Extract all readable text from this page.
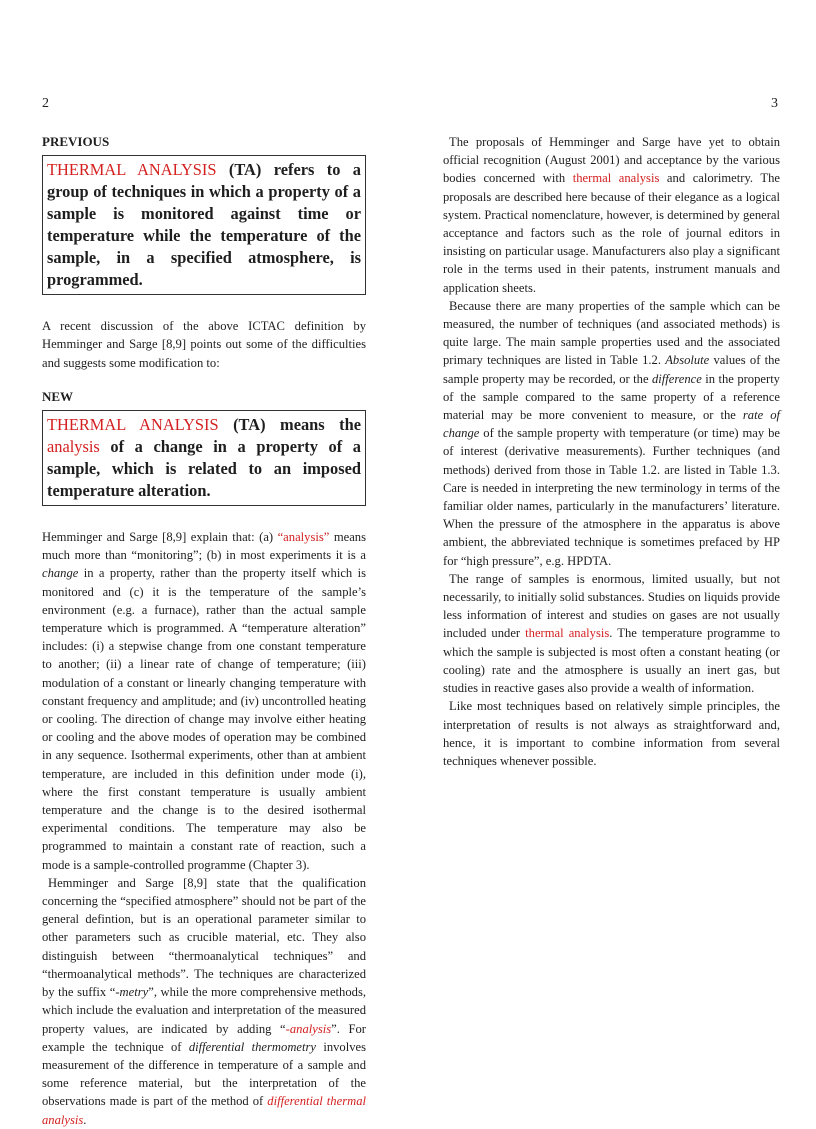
2	3

PREVIOUS

THERMAL ANALYSIS (TA) refers to a group of techniques in which a property of a sample is monitored against time or temperature while the temperature of the sample, in a specified atmosphere, is programmed.

A recent discussion of the above ICTAC definition by Hemminger and Sarge [8,9] points out some of the difficulties and suggests some modification to:

NEW

THERMAL ANALYSIS (TA) means the analysis of a change in a property of a sample, which is related to an imposed temperature alteration.

Hemminger and Sarge [8,9] explain that: (a) “analysis” means much more than “monitoring”; (b) in most experiments it is a change in a property, rather than the property itself which is monitored and (c) it is the temperature of the sample’s environment (e.g. a furnace), rather than the actual sample temperature which is programmed. A “temperature alteration” includes: (i) a stepwise change from one constant temperature to another; (ii) a linear rate of change of temperature; (iii) modulation of a constant or linearly changing temperature with constant frequency and amplitude; and (iv) uncontrolled heating or cooling. The direction of change may involve either heating or cooling and the above modes of operation may be combined in any sequence. Isothermal experiments, other than at ambient temperature, are included in this definition under mode (i), where the first constant temperature is usually ambient temperature and the change is to the desired isothermal experimental conditions. The temperature may also be programmed to maintain a constant rate of reaction, such a mode is a sample-controlled programme (Chapter 3).

Hemminger and Sarge [8,9] state that the qualification concerning the “specified atmosphere” should not be part of the general defintion, but is an operational parameter similar to other parameters such as crucible material, etc. They also distinguish between “thermoanalytical techniques” and “thermoanalytical methods”. The techniques are characterized by the suffix “-metry”, while the more comprehensive methods, which include the evaluation and interpretation of the measured property values, are indicated by adding “-analysis”. For example the technique of differential thermometry involves measurement of the difference in temperature of a sample and some reference material, but the interpretation of the observations made is part of the method of differential thermal analysis.

The proposals of Hemminger and Sarge have yet to obtain official recognition (August 2001) and acceptance by the various bodies concerned with thermal analysis and calorimetry. The proposals are described here because of their elegance as a logical system. Practical nomenclature, however, is determined by general acceptance and factors such as the role of journal editors in insisting on particular usage. Manufacturers also play a significant role in the terms used in their patents, instrument manuals and application sheets.

Because there are many properties of the sample which can be measured, the number of techniques (and associated methods) is quite large. The main sample properties used and the associated primary techniques are listed in Table 1.2. Absolute values of the sample property may be recorded, or the difference in the property of the sample compared to the same property of a reference material may be more convenient to measure, or the rate of change of the sample property with temperature (or time) may be of interest (derivative measurements). Further techniques (and methods) derived from those in Table 1.2. are listed in Table 1.3. Care is needed in interpreting the new terminology in terms of the familiar older names, particularly in the manufacturers’ literature. When the pressure of the atmosphere in the apparatus is above ambient, the abbreviated technique is sometimes prefaced by HP for “high pressure”, e.g. HPDTA.

The range of samples is enormous, limited usually, but not necessarily, to initially solid substances. Studies on liquids provide less information of interest and studies on gases are not usually included under thermal analysis. The temperature programme to which the sample is subjected is most often a constant heating (or cooling) rate and the atmosphere is usually an inert gas, but studies in reactive gases also provide a wealth of information.

Like most techniques based on relatively simple principles, the interpretation of results is not always as straightforward and, hence, it is important to combine information from several techniques whenever possible.
